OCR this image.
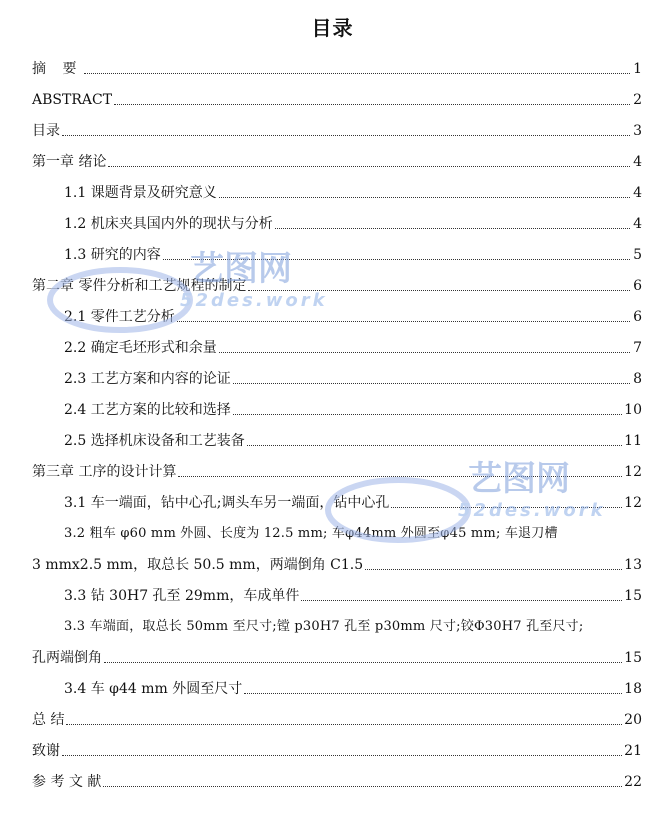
目录
摘 要	1
ABSTRACT	2
目录	3
第一章 绪论	4
1.1 课题背景及研究意义	4
1.2 机床夹具国内外的现状与分析	4
1.3 研究的内容	5
第二章 零件分析和工艺规程的制定	6
2.1 零件工艺分析	6
2.2 确定毛坯形式和余量	7
2.3 工艺方案和内容的论证	8
2.4 工艺方案的比较和选择	10
2.5 选择机床设备和工艺装备	11
第三章 工序的设计计算	12
3.1 车一端面，钻中心孔;调头车另一端面，钻中心孔	12
3.2 粗车 φ60 mm 外圆、长度为 12.5 mm; 车φ44mm 外圆至φ45 mm; 车退刀槽
3 mmx2.5 mm，取总长 50.5 mm，两端倒角 C1.5	13
3.3 钻 30H7 孔至 29mm，车成单件	15
3.3 车端面，取总长 50mm 至尺寸;镗 p30H7 孔至 p30mm 尺寸;铰Φ30H7 孔至尺寸;
孔两端倒角	15
3.4 车 φ44 mm 外圆至尺寸	18
总 结	20
致谢	21
参 考 文 献	22
艺图网
52des.work
艺图网
52des.work
